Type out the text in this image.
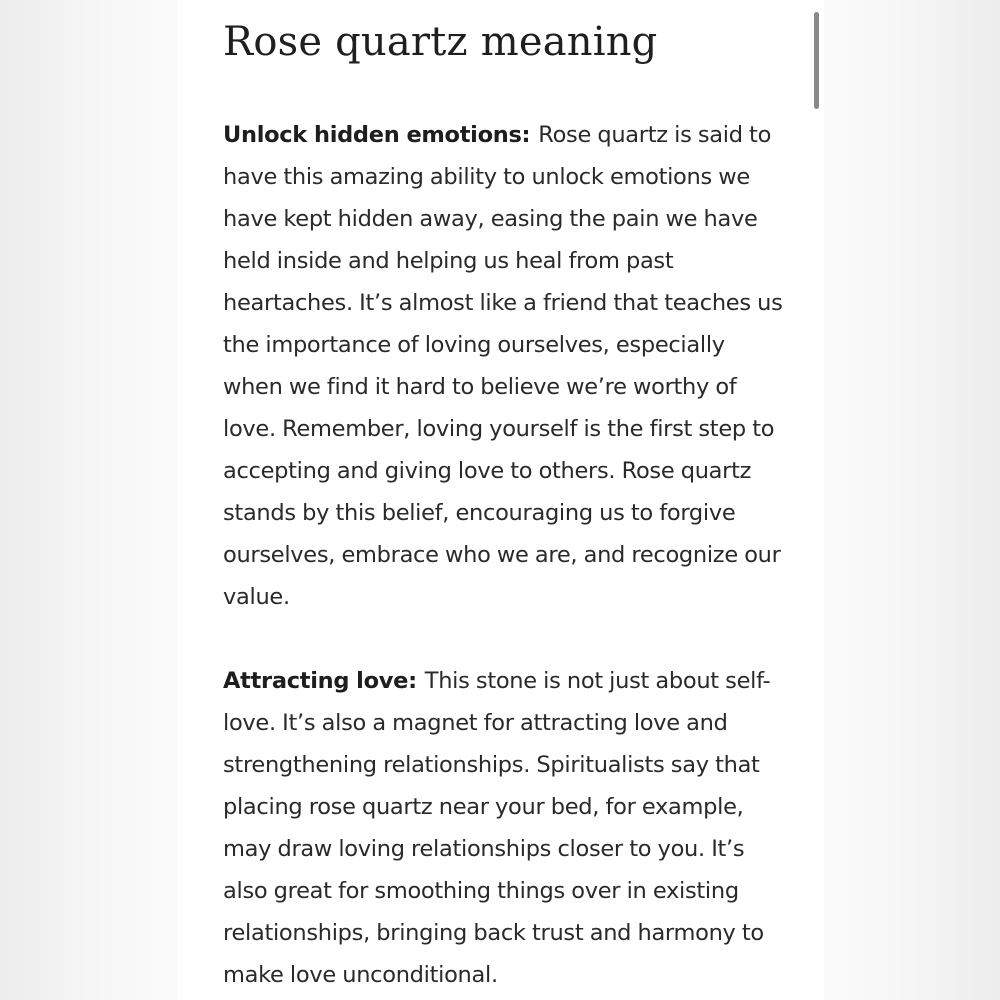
Rose quartz meaning

Unlock hidden emotions: Rose quartz is said to have this amazing ability to unlock emotions we have kept hidden away, easing the pain we have held inside and helping us heal from past heartaches. It’s almost like a friend that teaches us the importance of loving ourselves, especially when we find it hard to believe we’re worthy of love. Remember, loving yourself is the first step to accepting and giving love to others. Rose quartz stands by this belief, encouraging us to forgive ourselves, embrace who we are, and recognize our value.

Attracting love: This stone is not just about self-love. It’s also a magnet for attracting love and strengthening relationships. Spiritualists say that placing rose quartz near your bed, for example, may draw loving relationships closer to you. It’s also great for smoothing things over in existing relationships, bringing back trust and harmony to make love unconditional.
